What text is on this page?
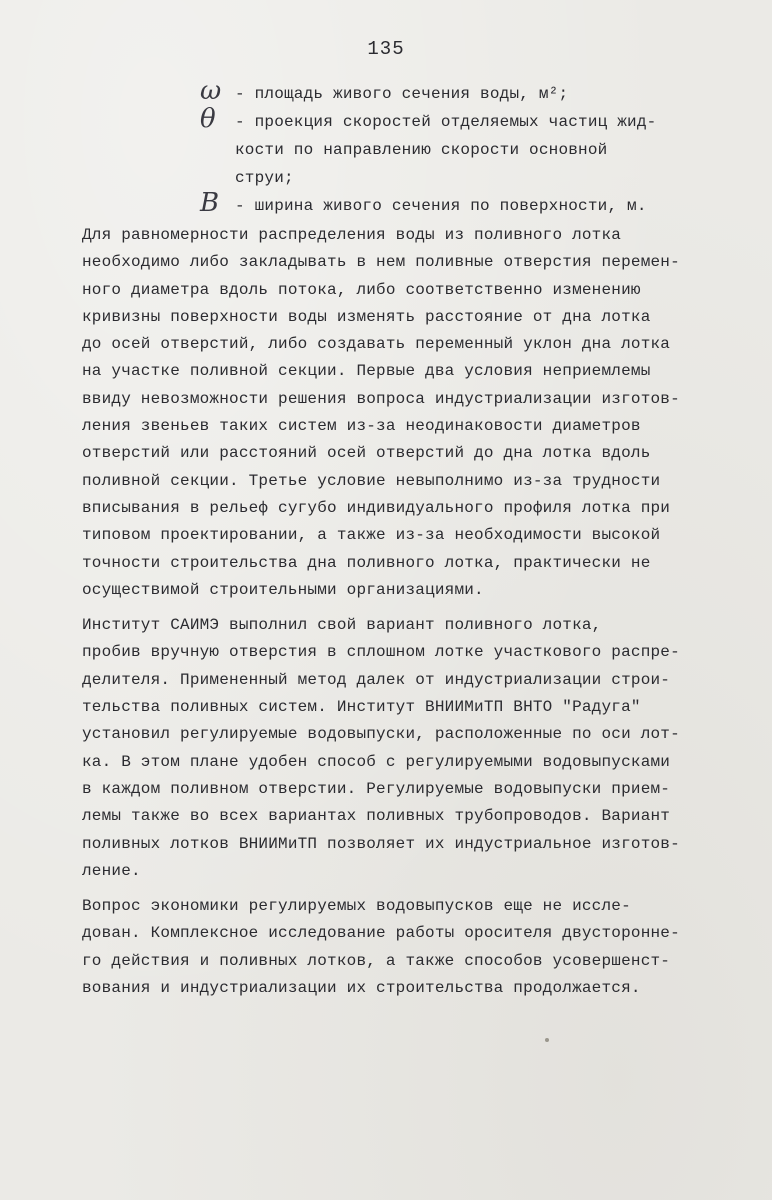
135
ω - площадь живого сечения воды, м²;
θ - проекция скоростей отделяемых частиц жид-
кости по направлению скорости основной
струи;
B - ширина живого сечения по поверхности, м.

Для равномерности распределения воды из поливного лотка
необходимо либо закладывать в нем поливные отверстия перемен-
ного диаметра вдоль потока, либо соответственно изменению
кривизны поверхности воды изменять расстояние от дна лотка
до осей отверстий, либо создавать переменный уклон дна лотка
на участке поливной секции. Первые два условия неприемлемы
ввиду невозможности решения вопроса индустриализации изготов-
ления звеньев таких систем из-за неодинаковости диаметров
отверстий или расстояний осей отверстий до дна лотка вдоль
поливной секции. Третье условие невыполнимо из-за трудности
вписывания в рельеф сугубо индивидуального профиля лотка при
типовом проектировании, а также из-за необходимости высокой
точности строительства дна поливного лотка, практически не
осуществимой строительными организациями.

Институт САИМЭ выполнил свой вариант поливного лотка,
пробив вручную отверстия в сплошном лотке участкового распре-
делителя. Примененный метод далек от индустриализации строи-
тельства поливных систем. Институт ВНИИМиТП ВНТО "Радуга"
установил регулируемые водовыпуски, расположенные по оси лот-
ка. В этом плане удобен способ с регулируемыми водовыпусками
в каждом поливном отверстии. Регулируемые водовыпуски прием-
лемы также во всех вариантах поливных трубопроводов. Вариант
поливных лотков ВНИИМиТП позволяет их индустриальное изготов-
ление.

Вопрос экономики регулируемых водовыпусков еще не иссле-
дован. Комплексное исследование работы оросителя двусторонне-
го действия и поливных лотков, а также способов усовершенст-
вования и индустриализации их строительства продолжается.
